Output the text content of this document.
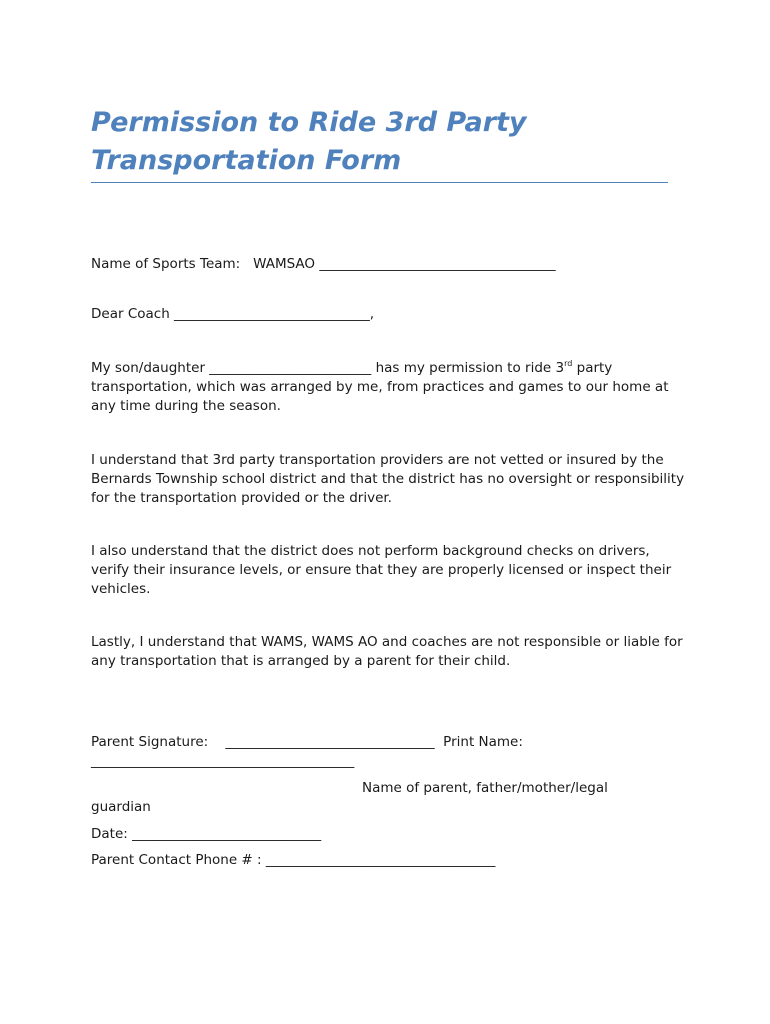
Permission to Ride 3rd Party
Transportation Form

Name of Sports Team:   WAMSAO ___________________________________

Dear Coach _____________________________,

My son/daughter ________________________ has my permission to ride 3rd party transportation, which was arranged by me, from practices and games to our home at any time during the season.

I understand that 3rd party transportation providers are not vetted or insured by the Bernards Township school district and that the district has no oversight or responsibility for the transportation provided or the driver.

I also understand that the district does not perform background checks on drivers, verify their insurance levels, or ensure that they are properly licensed or inspect their vehicles.

Lastly, I understand that WAMS, WAMS AO and coaches are not responsible or liable for any transportation that is arranged by a parent for their child.

Parent Signature:    _______________________________  Print Name:

_______________________________________

Name of parent, father/mother/legal

guardian

Date: ____________________________

Parent Contact Phone # : __________________________________
